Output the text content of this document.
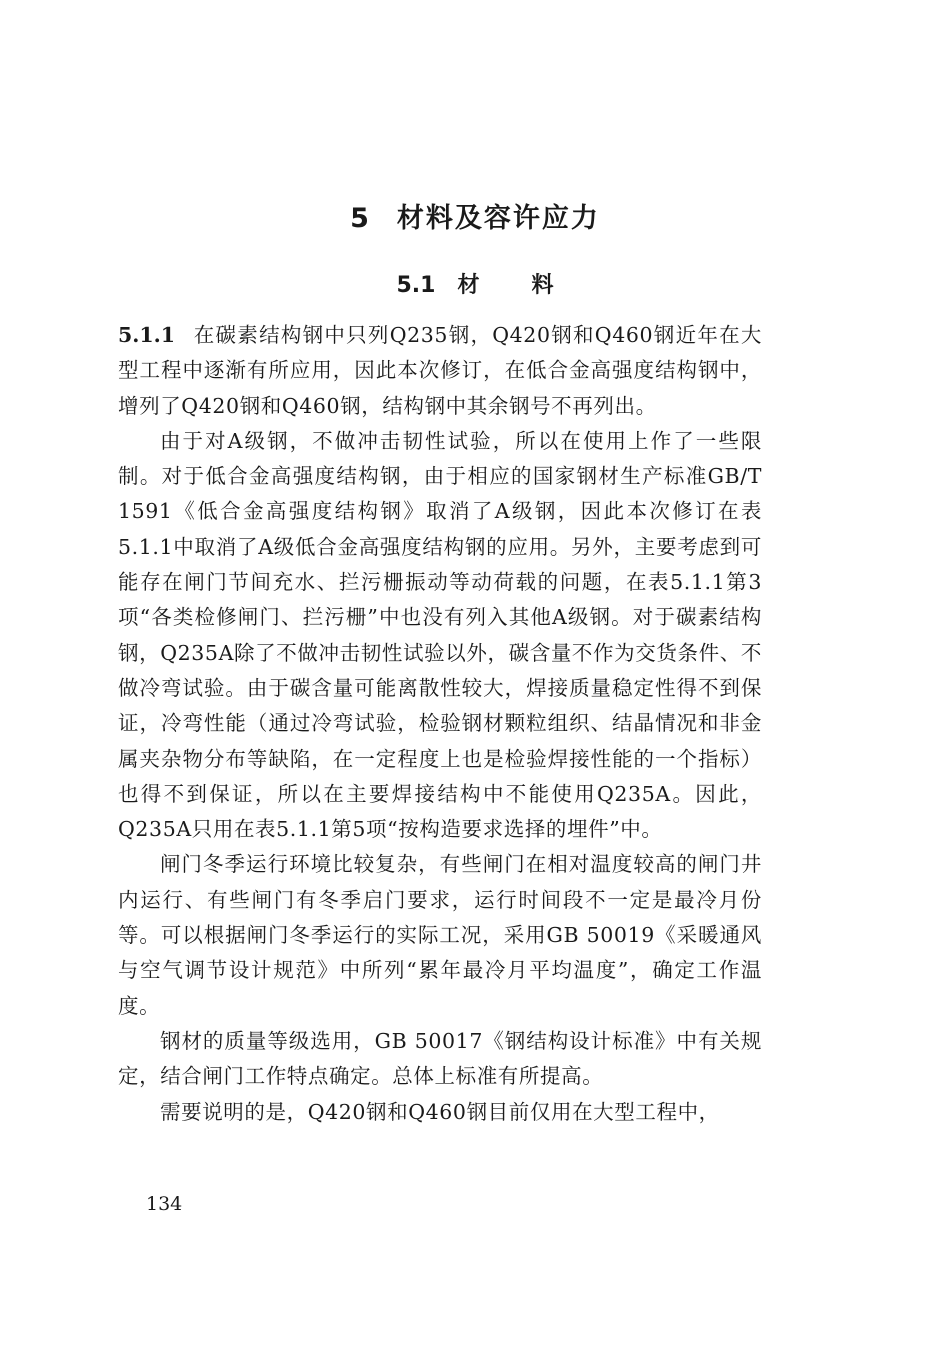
5 材料及容许应力
5.1 材 料

5.1.1 在碳素结构钢中只列Q235钢，Q420钢和Q460钢近年在大型工程中逐渐有所应用，因此本次修订，在低合金高强度结构钢中，增列了Q420钢和Q460钢，结构钢中其余钢号不再列出。

由于对A级钢，不做冲击韧性试验，所以在使用上作了一些限制。对于低合金高强度结构钢，由于相应的国家钢材生产标准GB/T 1591《低合金高强度结构钢》取消了A级钢，因此本次修订在表5.1.1中取消了A级低合金高强度结构钢的应用。另外，主要考虑到可能存在闸门节间充水、拦污栅振动等动荷载的问题，在表5.1.1第3项“各类检修闸门、拦污栅”中也没有列入其他A级钢。对于碳素结构钢，Q235A除了不做冲击韧性试验以外，碳含量不作为交货条件、不做冷弯试验。由于碳含量可能离散性较大，焊接质量稳定性得不到保证，冷弯性能（通过冷弯试验，检验钢材颗粒组织、结晶情况和非金属夹杂物分布等缺陷，在一定程度上也是检验焊接性能的一个指标）也得不到保证，所以在主要焊接结构中不能使用Q235A。因此，Q235A只用在表5.1.1第5项“按构造要求选择的埋件”中。

闸门冬季运行环境比较复杂，有些闸门在相对温度较高的闸门井内运行、有些闸门有冬季启门要求，运行时间段不一定是最冷月份等。可以根据闸门冬季运行的实际工况，采用GB 50019《采暖通风与空气调节设计规范》中所列“累年最冷月平均温度”，确定工作温度。

钢材的质量等级选用，GB 50017《钢结构设计标准》中有关规定，结合闸门工作特点确定。总体上标准有所提高。

需要说明的是，Q420钢和Q460钢目前仅用在大型工程中，

134
